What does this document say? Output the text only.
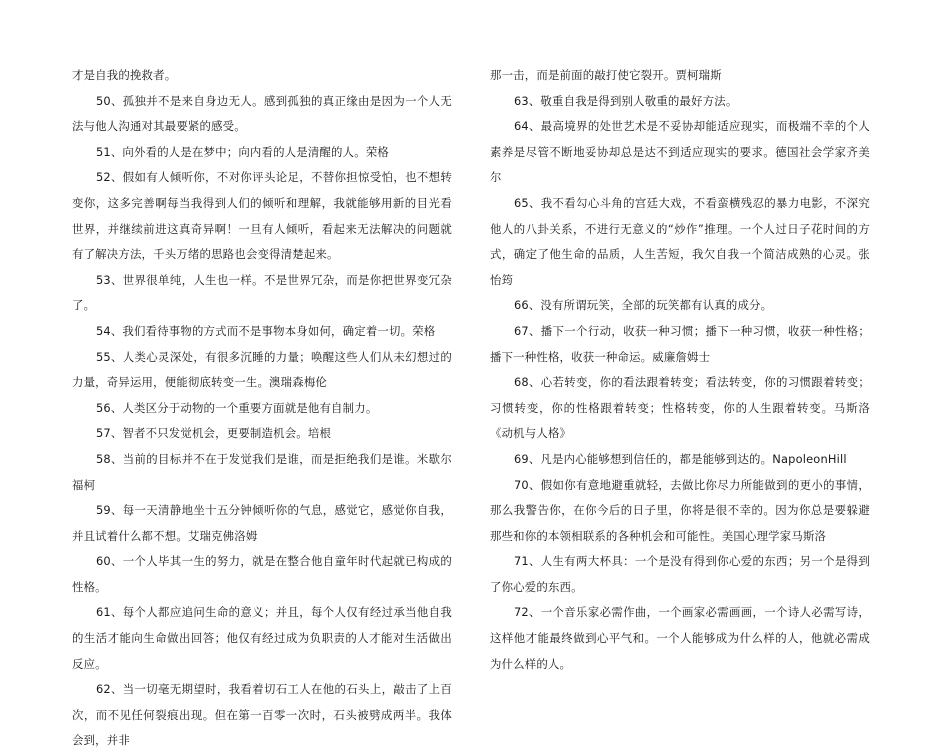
才是自我的挽救者。

50、孤独并不是来自身边无人。感到孤独的真正缘由是因为一个人无法与他人沟通对其最要紧的感受。

51、向外看的人是在梦中；向内看的人是清醒的人。荣格

52、假如有人倾听你，不对你评头论足，不替你担惊受怕，也不想转变你，这多完善啊每当我得到人们的倾听和理解，我就能够用新的目光看世界，并继续前进这真奇异啊！一旦有人倾听，看起来无法解决的问题就有了解决方法，千头万绪的思路也会变得清楚起来。

53、世界很单纯，人生也一样。不是世界冗杂，而是你把世界变冗杂了。

54、我们看待事物的方式而不是事物本身如何，确定着一切。荣格

55、人类心灵深处，有很多沉睡的力量；唤醒这些人们从未幻想过的力量，奇异运用，便能彻底转变一生。澳瑞森梅伦

56、人类区分于动物的一个重要方面就是他有自制力。

57、智者不只发觉机会，更要制造机会。培根

58、当前的目标并不在于发觉我们是谁，而是拒绝我们是谁。米歇尔福柯

59、每一天清静地坐十五分钟倾听你的气息，感觉它，感觉你自我，并且试着什么都不想。艾瑞克佛洛姆

60、一个人毕其一生的努力，就是在整合他自童年时代起就已构成的性格。

61、每个人都应追问生命的意义；并且，每个人仅有经过承当他自我的生活才能向生命做出回答；他仅有经过成为负职责的人才能对生活做出反应。

62、当一切毫无期望时，我看着切石工人在他的石头上，敲击了上百次，而不见任何裂痕出现。但在第一百零一次时，石头被劈成两半。我体会到，并非

那一击，而是前面的敲打使它裂开。贾柯瑞斯

63、敬重自我是得到别人敬重的最好方法。

64、最高境界的处世艺术是不妥协却能适应现实，而极端不幸的个人素养是尽管不断地妥协却总是达不到适应现实的要求。德国社会学家齐美尔

65、我不看勾心斗角的宫廷大戏，不看蛮横残忍的暴力电影，不深究他人的八卦关系，不进行无意义的“炒作”推理。一个人过日子花时间的方式，确定了他生命的品质，人生苦短，我欠自我一个简洁成熟的心灵。张怡筠

66、没有所谓玩笑，全部的玩笑都有认真的成分。

67、播下一个行动，收获一种习惯；播下一种习惯，收获一种性格；播下一种性格，收获一种命运。威廉詹姆士

68、心若转变，你的看法跟着转变；看法转变，你的习惯跟着转变；习惯转变，你的性格跟着转变；性格转变，你的人生跟着转变。马斯洛《动机与人格》

69、凡是内心能够想到信任的，都是能够到达的。NapoleonHill

70、假如你有意地避重就轻，去做比你尽力所能做到的更小的事情，那么我警告你，在你今后的日子里，你将是很不幸的。因为你总是要躲避那些和你的本领相联系的各种机会和可能性。美国心理学家马斯洛

71、人生有两大杯具：一个是没有得到你心爱的东西；另一个是得到了你心爱的东西。

72、一个音乐家必需作曲，一个画家必需画画，一个诗人必需写诗，这样他才能最终做到心平气和。一个人能够成为什么样的人，他就必需成为什么样的人。
